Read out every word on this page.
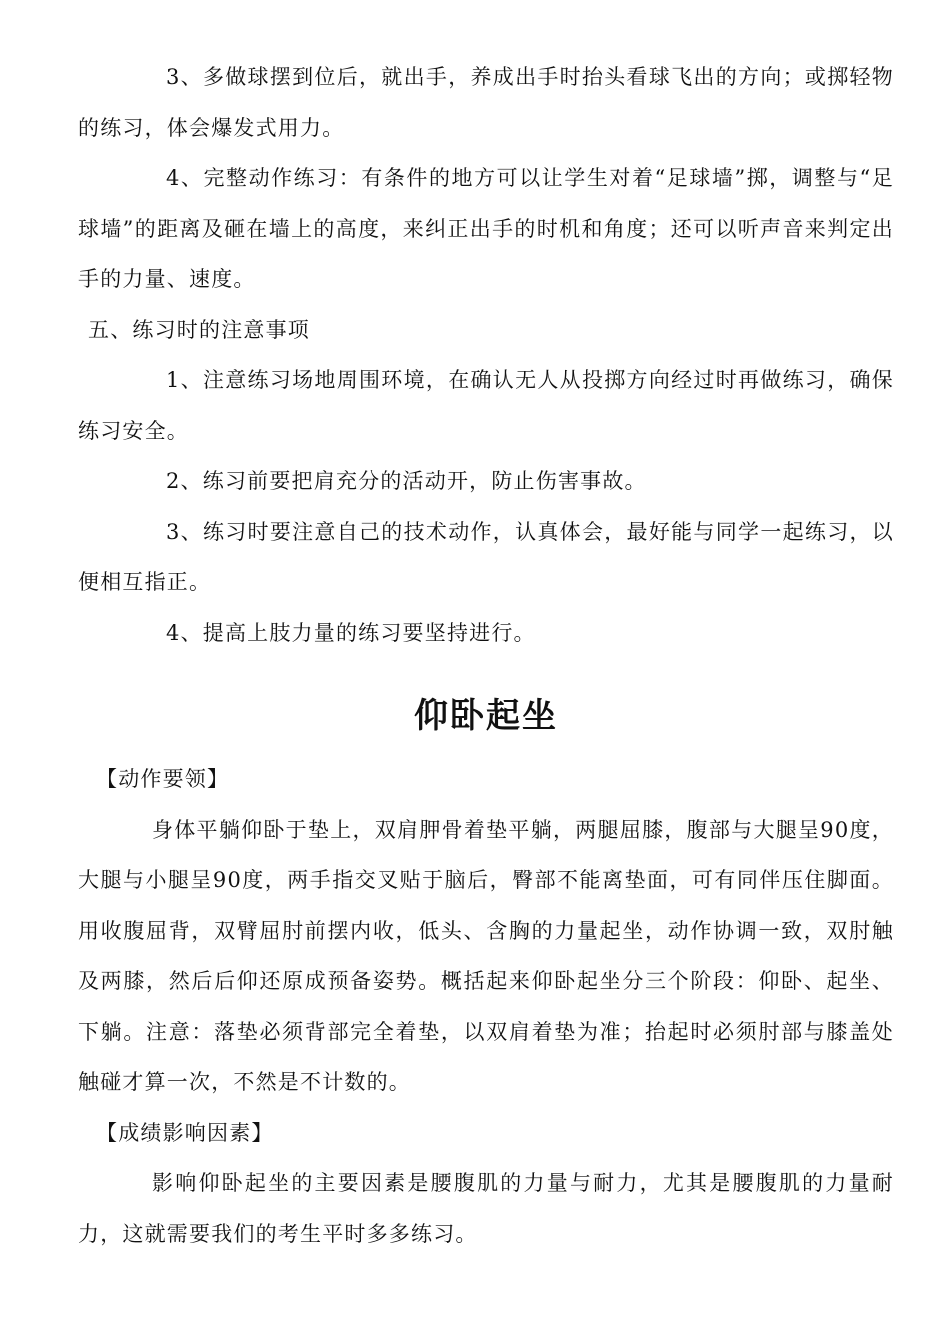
3、多做球摆到位后，就出手，养成出手时抬头看球飞出的方向；或掷轻物的练习，体会爆发式用力。

4、完整动作练习：有条件的地方可以让学生对着“足球墙”掷，调整与“足球墙”的距离及砸在墙上的高度，来纠正出手的时机和角度；还可以听声音来判定出手的力量、速度。

五、练习时的注意事项

1、注意练习场地周围环境，在确认无人从投掷方向经过时再做练习，确保练习安全。

2、练习前要把肩充分的活动开，防止伤害事故。

3、练习时要注意自己的技术动作，认真体会，最好能与同学一起练习，以便相互指正。

4、提高上肢力量的练习要坚持进行。

仰卧起坐

【动作要领】

身体平躺仰卧于垫上，双肩胛骨着垫平躺，两腿屈膝，腹部与大腿呈90度，大腿与小腿呈90度，两手指交叉贴于脑后，臀部不能离垫面，可有同伴压住脚面。用收腹屈背，双臂屈肘前摆内收，低头、含胸的力量起坐，动作协调一致，双肘触及两膝，然后后仰还原成预备姿势。概括起来仰卧起坐分三个阶段：仰卧、起坐、下躺。注意：落垫必须背部完全着垫，以双肩着垫为准；抬起时必须肘部与膝盖处触碰才算一次，不然是不计数的。

【成绩影响因素】

影响仰卧起坐的主要因素是腰腹肌的力量与耐力，尤其是腰腹肌的力量耐力，这就需要我们的考生平时多多练习。
